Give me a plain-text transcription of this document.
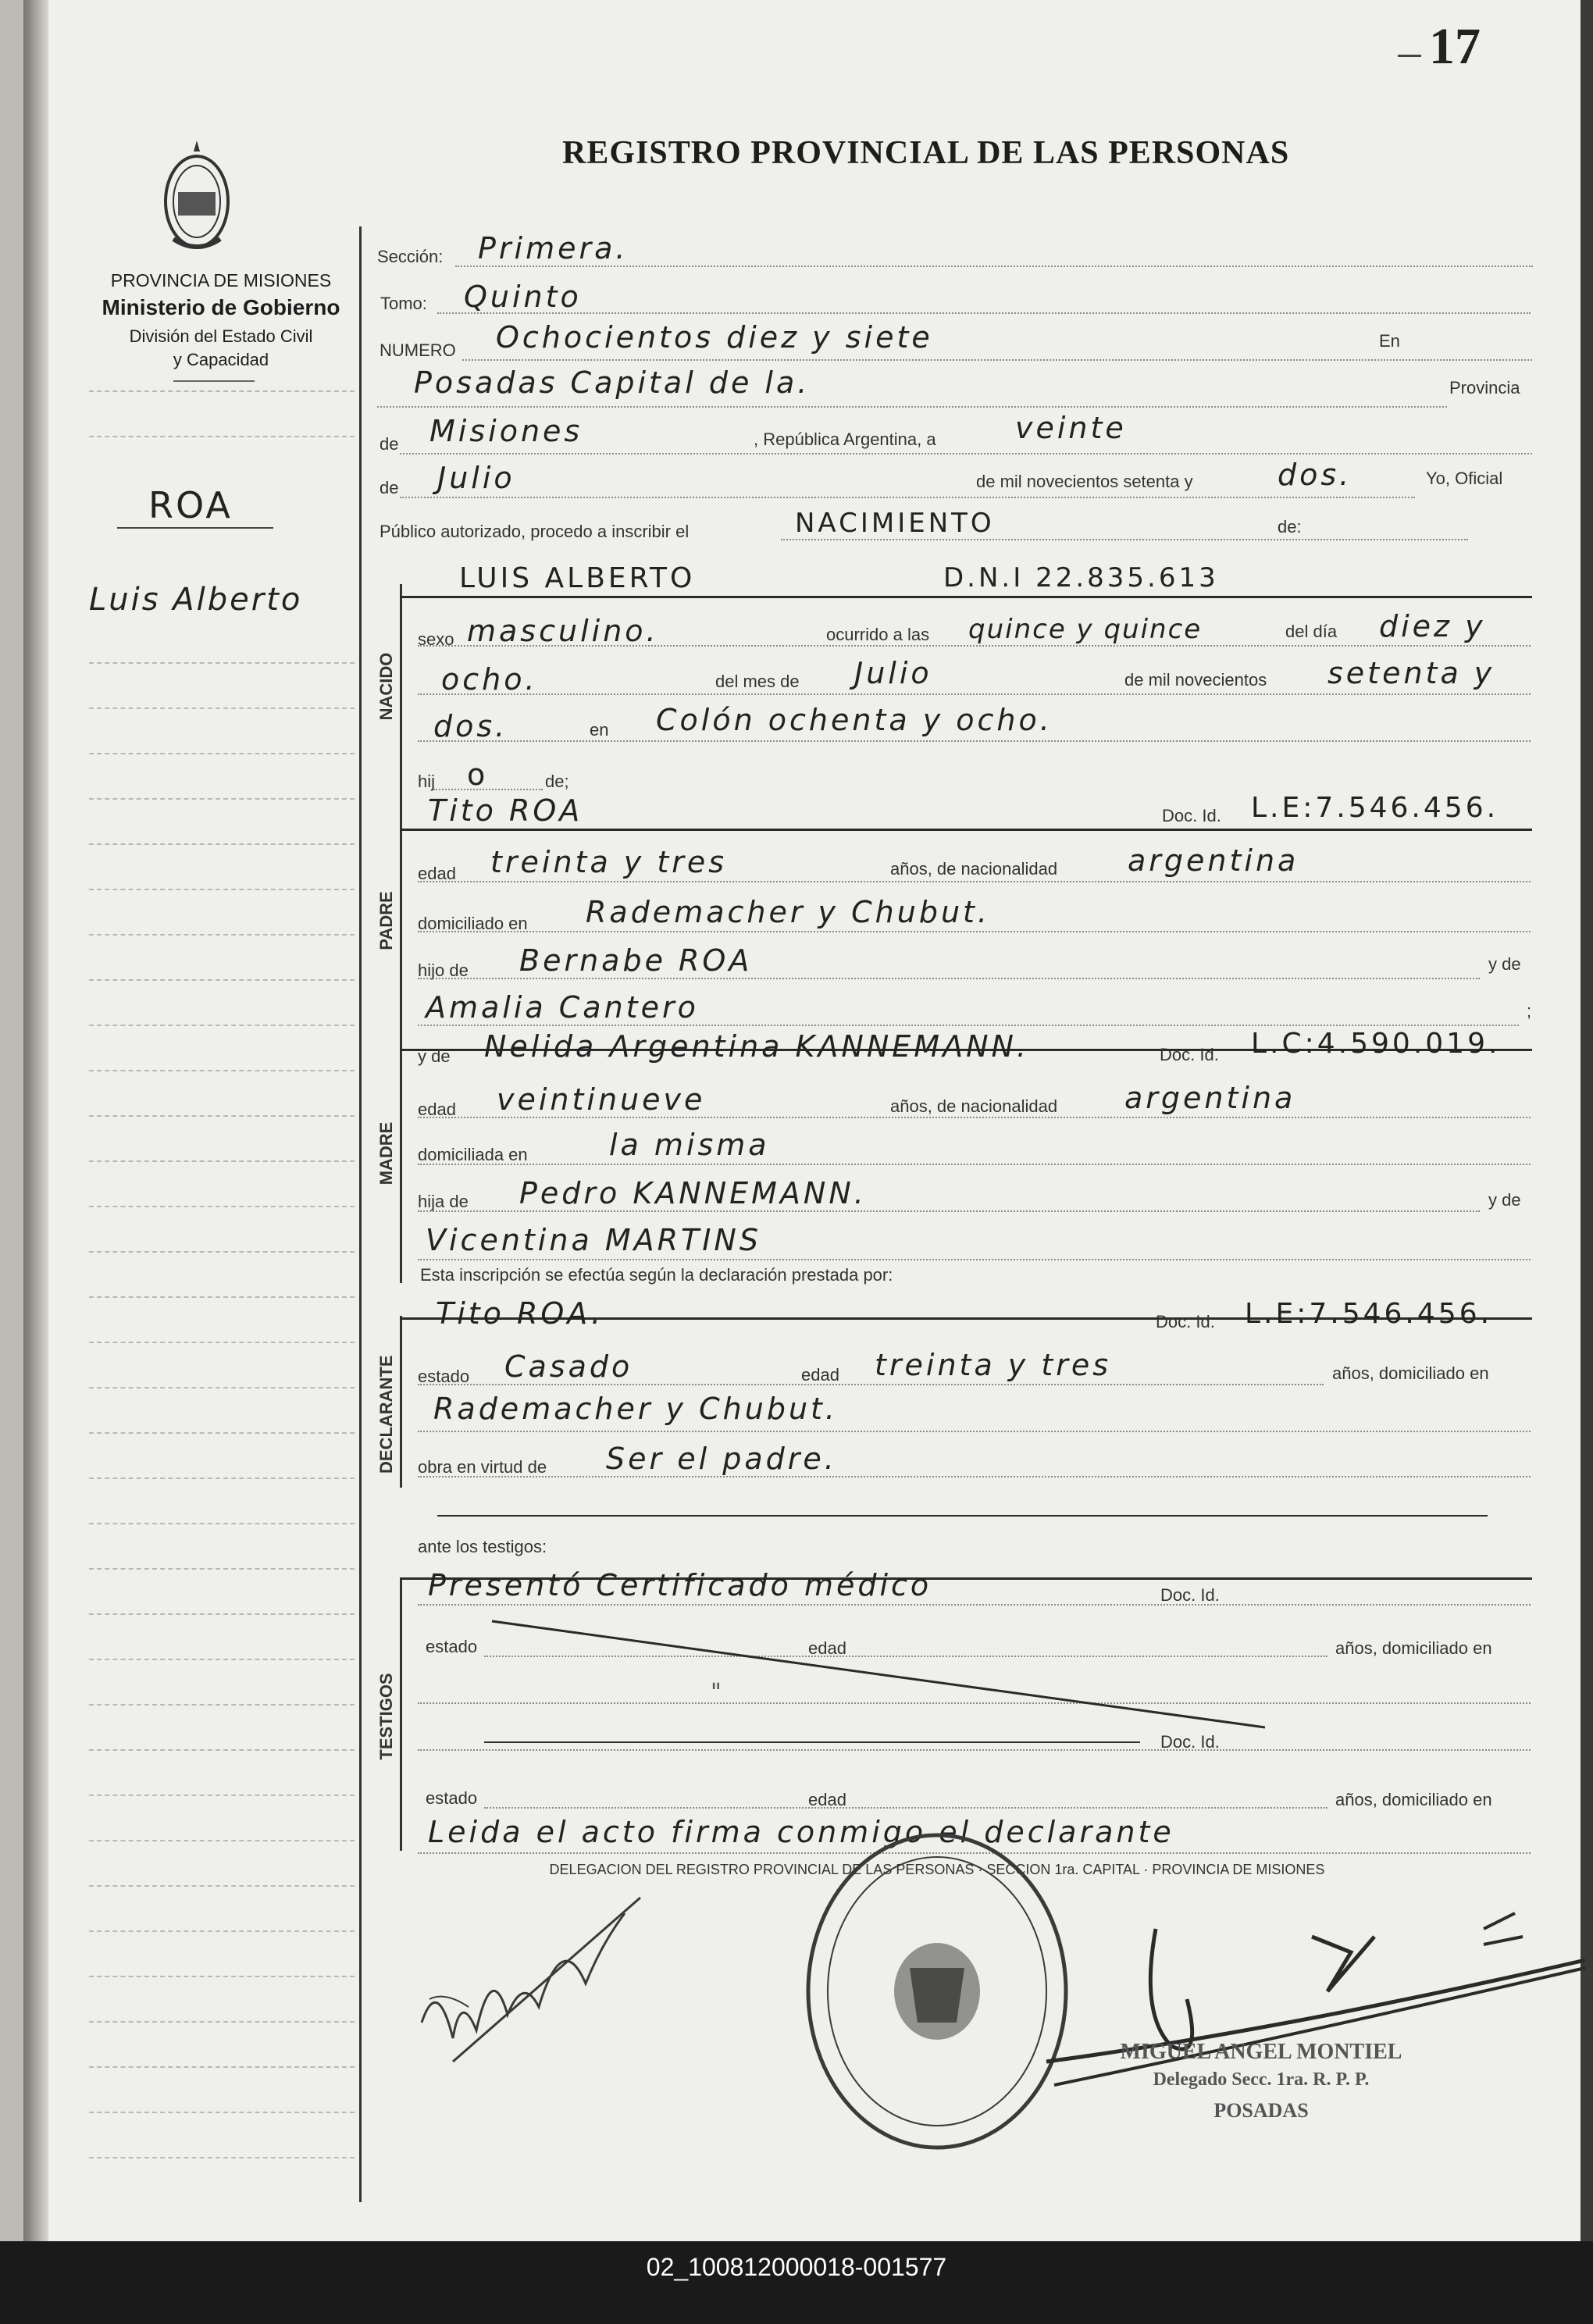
17
PROVINCIA DE MISIONES
Ministerio de Gobierno
División del Estado Civil
y Capacidad
REGISTRO PROVINCIAL DE LAS PERSONAS
ROA
Luis Alberto
NACIDO
PADRE
MADRE
DECLARANTE
TESTIGOS
Sección: Primera.
Tomo: Quinto
NUMERO Ochocientos diez y siete	En
Posadas Capital de la.	Provincia
de Misiones	, República Argentina, a	veinte
de Julio	de mil novecientos setenta y	dos.	Yo, Oficial
Público autorizado, procedo a inscribir el	NACIMIENTO	de:
LUIS ALBERTO	D.N.I 22.835.613
sexo masculino.	ocurrido a las quince y quince	del día diez y
ocho.	del mes de Julio	de mil novecientos setenta y
dos.	en Colón ochenta y ocho.
hij o	de;
Tito ROA	Doc. Id. L.E:7.546.456.
edad treinta y tres	años, de nacionalidad argentina
domiciliado en Rademacher y Chubut.
hijo de Bernabe ROA	y de
Amalia Cantero	;
y de Nelida Argentina KANNEMANN.	Doc. Id. L.C:4.590.019.
edad veintinueve	años, de nacionalidad argentina
domiciliada en	la misma
hija de Pedro KANNEMANN.	y de
Vicentina MARTINS
Esta inscripción se efectúa según la declaración prestada por:
Tito ROA.	Doc. Id. L.E:7.546.456.
estado Casado	edad treinta y tres	años, domiciliado en
Rademacher y Chubut.
obra en virtud de Ser el padre.
ante los testigos:
Presentó Certificado médico	Doc. Id.
estado	edad	años, domiciliado en
"
Doc. Id.
estado	edad	años, domiciliado en
Leida el acto firma conmigo el declarante
DELEGACION DEL REGISTRO PROVINCIAL DE LAS PERSONAS · SECCION 1ra. CAPITAL · PROVINCIA DE MISIONES
MIGUEL ANGEL MONTIEL
Delegado Secc. 1ra. R. P. P.
POSADAS
02_100812000018-001577
